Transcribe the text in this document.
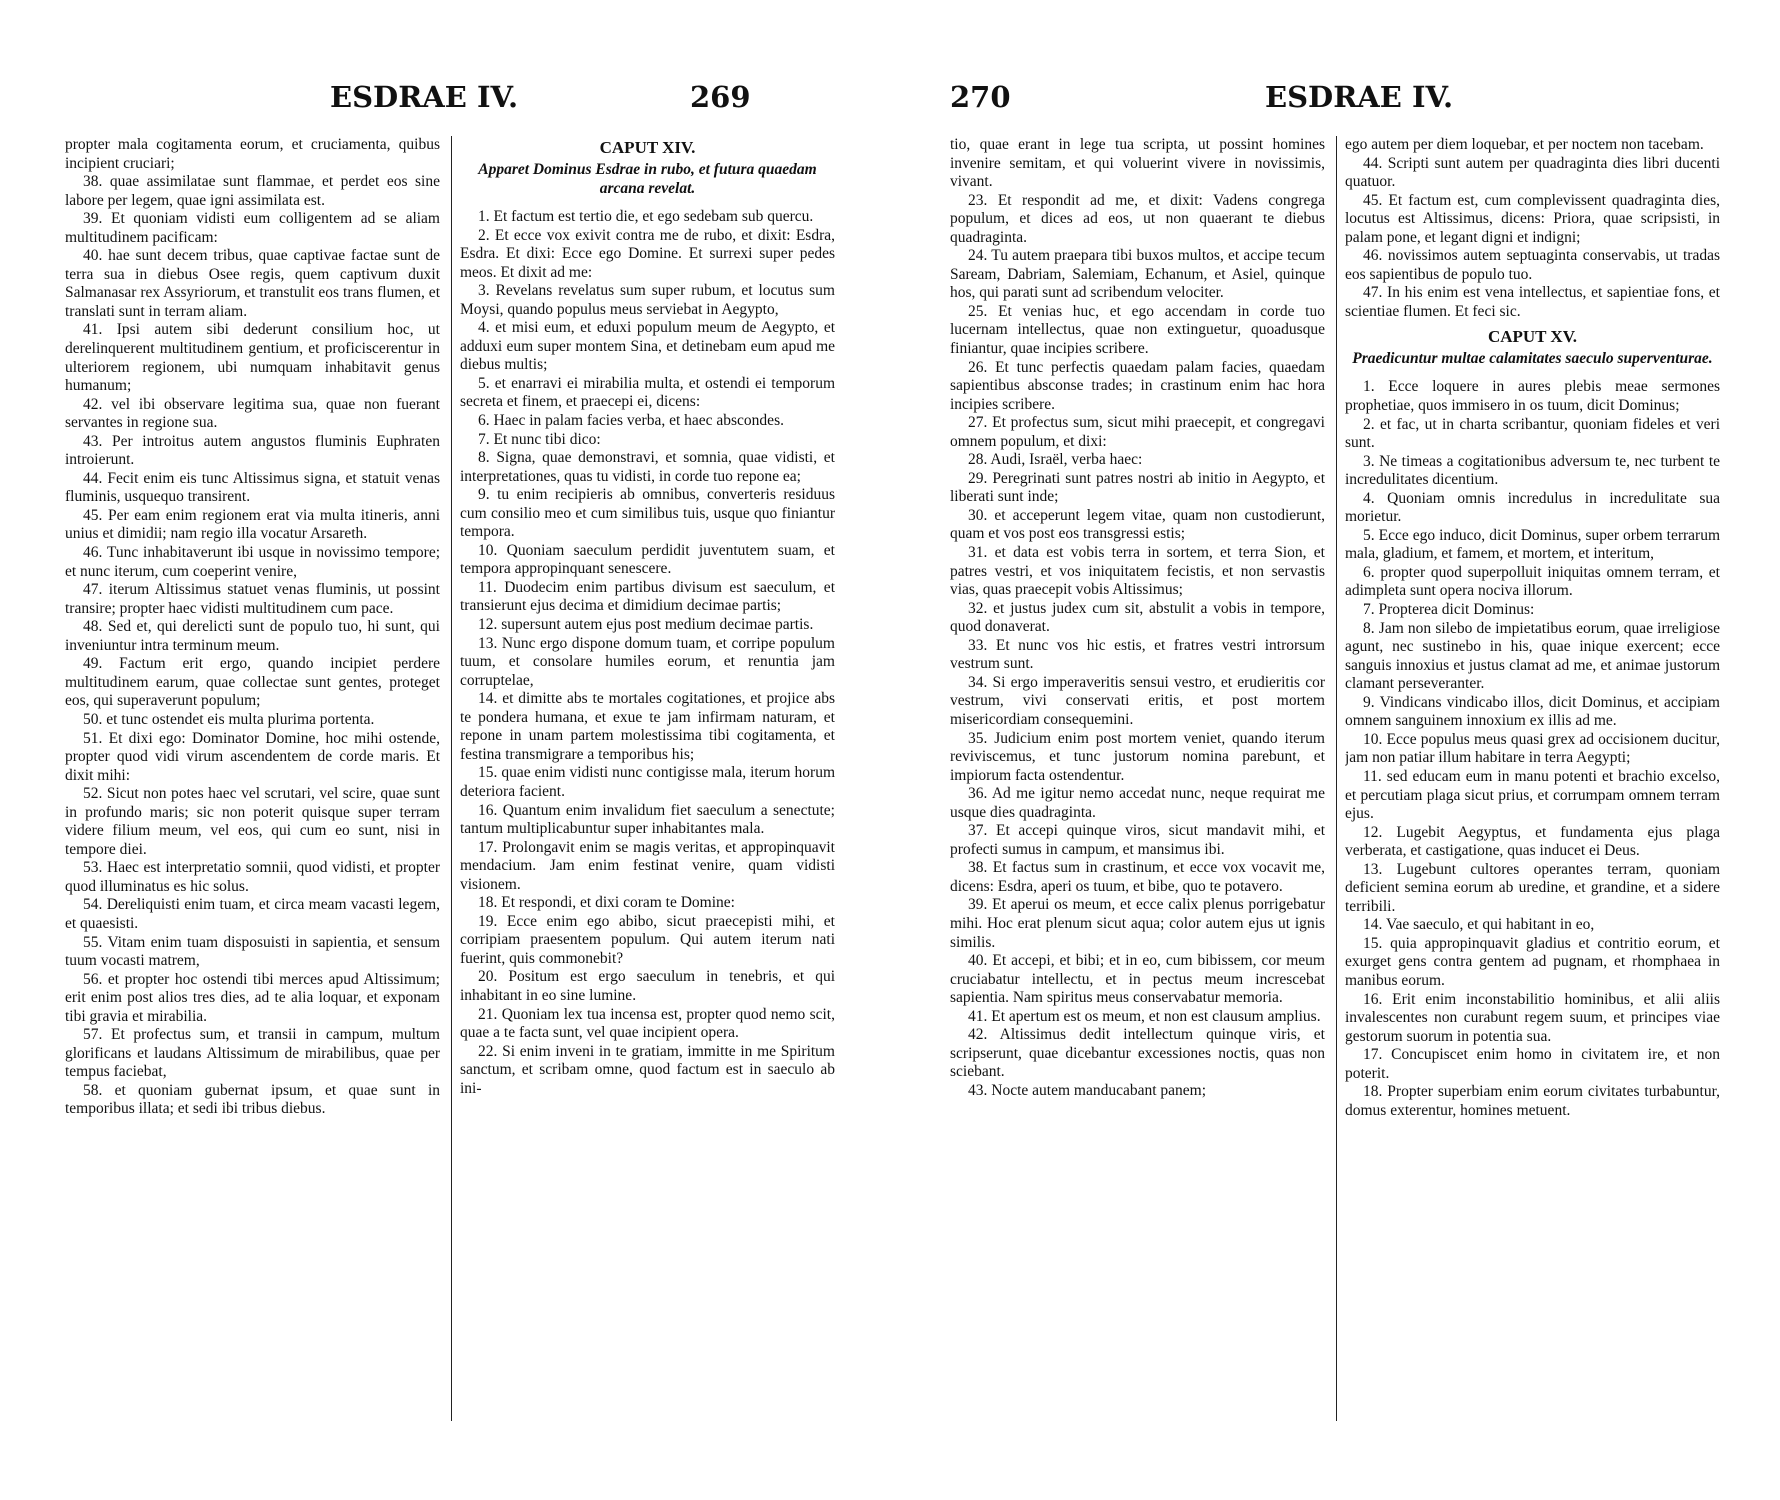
ESDRAE IV.	269

propter mala cogitamenta eorum, et cruciamenta, quibus incipient cruciari;

38. quae assimilatae sunt flammae, et perdet eos sine labore per legem, quae igni assimilata est.

39. Et quoniam vidisti eum colligentem ad se aliam multitudinem pacificam:

40. hae sunt decem tribus, quae captivae factae sunt de terra sua in diebus Osee regis, quem captivum duxit Salmanasar rex Assyriorum, et transtulit eos trans flumen, et translati sunt in terram aliam.

41. Ipsi autem sibi dederunt consilium hoc, ut derelinquerent multitudinem gentium, et proficiscerentur in ulteriorem regionem, ubi numquam inhabitavit genus humanum;

42. vel ibi observare legitima sua, quae non fuerant servantes in regione sua.

43. Per introitus autem angustos fluminis Euphraten introierunt.

44. Fecit enim eis tunc Altissimus signa, et statuit venas fluminis, usquequo transirent.

45. Per eam enim regionem erat via multa itineris, anni unius et dimidii; nam regio illa vocatur Arsareth.

46. Tunc inhabitaverunt ibi usque in novissimo tempore; et nunc iterum, cum coeperint venire,

47. iterum Altissimus statuet venas fluminis, ut possint transire; propter haec vidisti multitudinem cum pace.

48. Sed et, qui derelicti sunt de populo tuo, hi sunt, qui inveniuntur intra terminum meum.

49. Factum erit ergo, quando incipiet perdere multitudinem earum, quae collectae sunt gentes, proteget eos, qui superaverunt populum;

50. et tunc ostendet eis multa plurima portenta.

51. Et dixi ego: Dominator Domine, hoc mihi ostende, propter quod vidi virum ascendentem de corde maris. Et dixit mihi:

52. Sicut non potes haec vel scrutari, vel scire, quae sunt in profundo maris; sic non poterit quisque super terram videre filium meum, vel eos, qui cum eo sunt, nisi in tempore diei.

53. Haec est interpretatio somnii, quod vidisti, et propter quod illuminatus es hic solus.

54. Dereliquisti enim tuam, et circa meam vacasti legem, et quaesisti.

55. Vitam enim tuam disposuisti in sapientia, et sensum tuum vocasti matrem,

56. et propter hoc ostendi tibi merces apud Altissimum; erit enim post alios tres dies, ad te alia loquar, et exponam tibi gravia et mirabilia.

57. Et profectus sum, et transii in campum, multum glorificans et laudans Altissimum de mirabilibus, quae per tempus faciebat,

58. et quoniam gubernat ipsum, et quae sunt in temporibus illata; et sedi ibi tribus diebus.

CAPUT XIV.
Apparet Dominus Esdrae in rubo, et futura quaedam arcana revelat.

1. Et factum est tertio die, et ego sedebam sub quercu.

2. Et ecce vox exivit contra me de rubo, et dixit: Esdra, Esdra. Et dixi: Ecce ego Domine. Et surrexi super pedes meos. Et dixit ad me:

3. Revelans revelatus sum super rubum, et locutus sum Moysi, quando populus meus serviebat in Aegypto,

4. et misi eum, et eduxi populum meum de Aegypto, et adduxi eum super montem Sina, et detinebam eum apud me diebus multis;

5. et enarravi ei mirabilia multa, et ostendi ei temporum secreta et finem, et praecepi ei, dicens:

6. Haec in palam facies verba, et haec abscondes.

7. Et nunc tibi dico:

8. Signa, quae demonstravi, et somnia, quae vidisti, et interpretationes, quas tu vidisti, in corde tuo repone ea;

9. tu enim recipieris ab omnibus, converteris residuus cum consilio meo et cum similibus tuis, usque quo finiantur tempora.

10. Quoniam saeculum perdidit juventutem suam, et tempora appropinquant senescere.

11. Duodecim enim partibus divisum est saeculum, et transierunt ejus decima et dimidium decimae partis;

12. supersunt autem ejus post medium decimae partis.

13. Nunc ergo dispone domum tuam, et corripe populum tuum, et consolare humiles eorum, et renuntia jam corruptelae,

14. et dimitte abs te mortales cogitationes, et projice abs te pondera humana, et exue te jam infirmam naturam, et repone in unam partem molestissima tibi cogitamenta, et festina transmigrare a temporibus his;

15. quae enim vidisti nunc contigisse mala, iterum horum deteriora facient.

16. Quantum enim invalidum fiet saeculum a senectute; tantum multiplicabuntur super inhabitantes mala.

17. Prolongavit enim se magis veritas, et appropinquavit mendacium. Jam enim festinat venire, quam vidisti visionem.

18. Et respondi, et dixi coram te Domine:

19. Ecce enim ego abibo, sicut praecepisti mihi, et corripiam praesentem populum. Qui autem iterum nati fuerint, quis commonebit?

20. Positum est ergo saeculum in tenebris, et qui inhabitant in eo sine lumine.

21. Quoniam lex tua incensa est, propter quod nemo scit, quae a te facta sunt, vel quae incipient opera.

22. Si enim inveni in te gratiam, immitte in me Spiritum sanctum, et scribam omne, quod factum est in saeculo ab ini-

270	ESDRAE IV.

tio, quae erant in lege tua scripta, ut possint homines invenire semitam, et qui voluerint vivere in novissimis, vivant.

23. Et respondit ad me, et dixit: Vadens congrega populum, et dices ad eos, ut non quaerant te diebus quadraginta.

24. Tu autem praepara tibi buxos multos, et accipe tecum Saream, Dabriam, Salemiam, Echanum, et Asiel, quinque hos, qui parati sunt ad scribendum velociter.

25. Et venias huc, et ego accendam in corde tuo lucernam intellectus, quae non extinguetur, quoadusque finiantur, quae incipies scribere.

26. Et tunc perfectis quaedam palam facies, quaedam sapientibus absconse trades; in crastinum enim hac hora incipies scribere.

27. Et profectus sum, sicut mihi praecepit, et congregavi omnem populum, et dixi:

28. Audi, Israël, verba haec:

29. Peregrinati sunt patres nostri ab initio in Aegypto, et liberati sunt inde;

30. et acceperunt legem vitae, quam non custodierunt, quam et vos post eos transgressi estis;

31. et data est vobis terra in sortem, et terra Sion, et patres vestri, et vos iniquitatem fecistis, et non servastis vias, quas praecepit vobis Altissimus;

32. et justus judex cum sit, abstulit a vobis in tempore, quod donaverat.

33. Et nunc vos hic estis, et fratres vestri introrsum vestrum sunt.

34. Si ergo imperaveritis sensui vestro, et erudieritis cor vestrum, vivi conservati eritis, et post mortem misericordiam consequemini.

35. Judicium enim post mortem veniet, quando iterum reviviscemus, et tunc justorum nomina parebunt, et impiorum facta ostendentur.

36. Ad me igitur nemo accedat nunc, neque requirat me usque dies quadraginta.

37. Et accepi quinque viros, sicut mandavit mihi, et profecti sumus in campum, et mansimus ibi.

38. Et factus sum in crastinum, et ecce vox vocavit me, dicens: Esdra, aperi os tuum, et bibe, quo te potavero.

39. Et aperui os meum, et ecce calix plenus porrigebatur mihi. Hoc erat plenum sicut aqua; color autem ejus ut ignis similis.

40. Et accepi, et bibi; et in eo, cum bibissem, cor meum cruciabatur intellectu, et in pectus meum increscebat sapientia. Nam spiritus meus conservabatur memoria.

41. Et apertum est os meum, et non est clausum amplius.

42. Altissimus dedit intellectum quinque viris, et scripserunt, quae dicebantur excessiones noctis, quas non sciebant.

43. Nocte autem manducabant panem;

ego autem per diem loquebar, et per noctem non tacebam.

44. Scripti sunt autem per quadraginta dies libri ducenti quatuor.

45. Et factum est, cum complevissent quadraginta dies, locutus est Altissimus, dicens: Priora, quae scripsisti, in palam pone, et legant digni et indigni;

46. novissimos autem septuaginta conservabis, ut tradas eos sapientibus de populo tuo.

47. In his enim est vena intellectus, et sapientiae fons, et scientiae flumen. Et feci sic.

CAPUT XV.
Praedicuntur multae calamitates saeculo superventurae.

1. Ecce loquere in aures plebis meae sermones prophetiae, quos immisero in os tuum, dicit Dominus;

2. et fac, ut in charta scribantur, quoniam fideles et veri sunt.

3. Ne timeas a cogitationibus adversum te, nec turbent te incredulitates dicentium.

4. Quoniam omnis incredulus in incredulitate sua morietur.

5. Ecce ego induco, dicit Dominus, super orbem terrarum mala, gladium, et famem, et mortem, et interitum,

6. propter quod superpolluit iniquitas omnem terram, et adimpleta sunt opera nociva illorum.

7. Propterea dicit Dominus:

8. Jam non silebo de impietatibus eorum, quae irreligiose agunt, nec sustinebo in his, quae inique exercent; ecce sanguis innoxius et justus clamat ad me, et animae justorum clamant perseveranter.

9. Vindicans vindicabo illos, dicit Dominus, et accipiam omnem sanguinem innoxium ex illis ad me.

10. Ecce populus meus quasi grex ad occisionem ducitur, jam non patiar illum habitare in terra Aegypti;

11. sed educam eum in manu potenti et brachio excelso, et percutiam plaga sicut prius, et corrumpam omnem terram ejus.

12. Lugebit Aegyptus, et fundamenta ejus plaga verberata, et castigatione, quas inducet ei Deus.

13. Lugebunt cultores operantes terram, quoniam deficient semina eorum ab uredine, et grandine, et a sidere terribili.

14. Vae saeculo, et qui habitant in eo,

15. quia appropinquavit gladius et contritio eorum, et exurget gens contra gentem ad pugnam, et rhomphaea in manibus eorum.

16. Erit enim inconstabilitio hominibus, et alii aliis invalescentes non curabunt regem suum, et principes viae gestorum suorum in potentia sua.

17. Concupiscet enim homo in civitatem ire, et non poterit.

18. Propter superbiam enim eorum civitates turbabuntur, domus exterentur, homines metuent.
